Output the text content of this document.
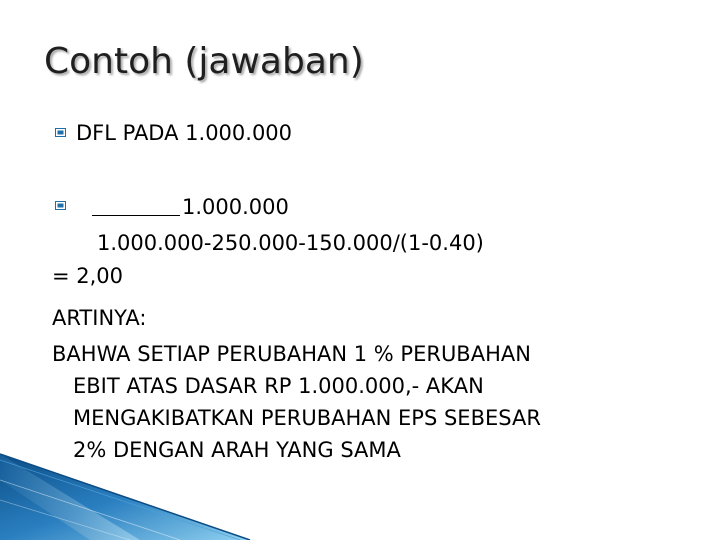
Contoh (jawaban)
DFL PADA 1.000.000
1.000.000
1.000.000-250.000-150.000/(1-0.40)
= 2,00
ARTINYA:
BAHWA SETIAP PERUBAHAN 1 % PERUBAHAN
EBIT ATAS DASAR RP 1.000.000,- AKAN
MENGAKIBATKAN PERUBAHAN EPS SEBESAR
2% DENGAN ARAH YANG SAMA
